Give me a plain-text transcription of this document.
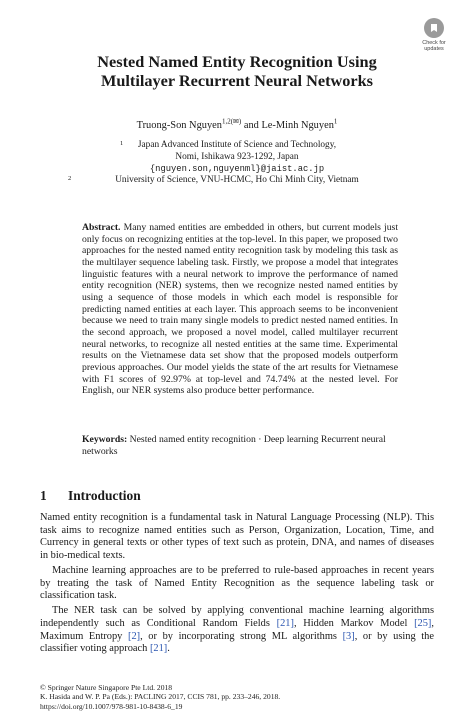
Check for
updates
Nested Named Entity Recognition Using
Multilayer Recurrent Neural Networks
Truong-Son Nguyen$^{1,2(✉)}$ and Le-Minh Nguyen$^1$
1 Japan Advanced Institute of Science and Technology,
Nomi, Ishikawa 923-1292, Japan
{nguyen.son,nguyenml}@jaist.ac.jp
2	University of Science, VNU-HCMC, Ho Chi Minh City, Vietnam
Abstract. Many named entities are embedded in others, but current models just only focus on recognizing entities at the top-level. In this paper, we proposed two approaches for the nested named entity recognition task by modeling this task as the multilayer sequence labeling task. Firstly, we propose a model that integrates linguistic features with a neural network to improve the performance of named entity recognition (NER) systems, then we recognize nested named entities by using a sequence of those models in which each model is responsible for predicting named entities at each layer. This approach seems to be inconvenient because we need to train many single models to predict nested named entities. In the second approach, we proposed a novel model, called multilayer recurrent neural networks, to recognize all nested entities at the same time. Experimental results on the Vietnamese data set show that the proposed models outperform previous approaches. Our model yields the state of the art results for Vietnamese with F1 scores of 92.97% at top-level and 74.74% at the nested level. For English, our NER systems also produce better performance.
Keywords: Nested named entity recognition · Deep learning Recurrent neural networks
1 Introduction

Named entity recognition is a fundamental task in Natural Language Processing (NLP). This task aims to recognize named entities such as Person, Organization, Location, Time, and Currency in general texts or other types of text such as protein, DNA, and names of diseases in bio-medical texts.

Machine learning approaches are to be preferred to rule-based approaches in recent years by treating the task of Named Entity Recognition as the sequence labeling task or classification task.

The NER task can be solved by applying conventional machine learning algorithms independently such as Conditional Random Fields [21], Hidden Markov Model [25], Maximum Entropy [2], or by incorporating strong ML algorithms [3], or by using the classifier voting approach [21].

© Springer Nature Singapore Pte Ltd. 2018
K. Hasida and W. P. Pa (Eds.): PACLING 2017, CCIS 781, pp. 233–246, 2018.
https://doi.org/10.1007/978-981-10-8438-6_19
